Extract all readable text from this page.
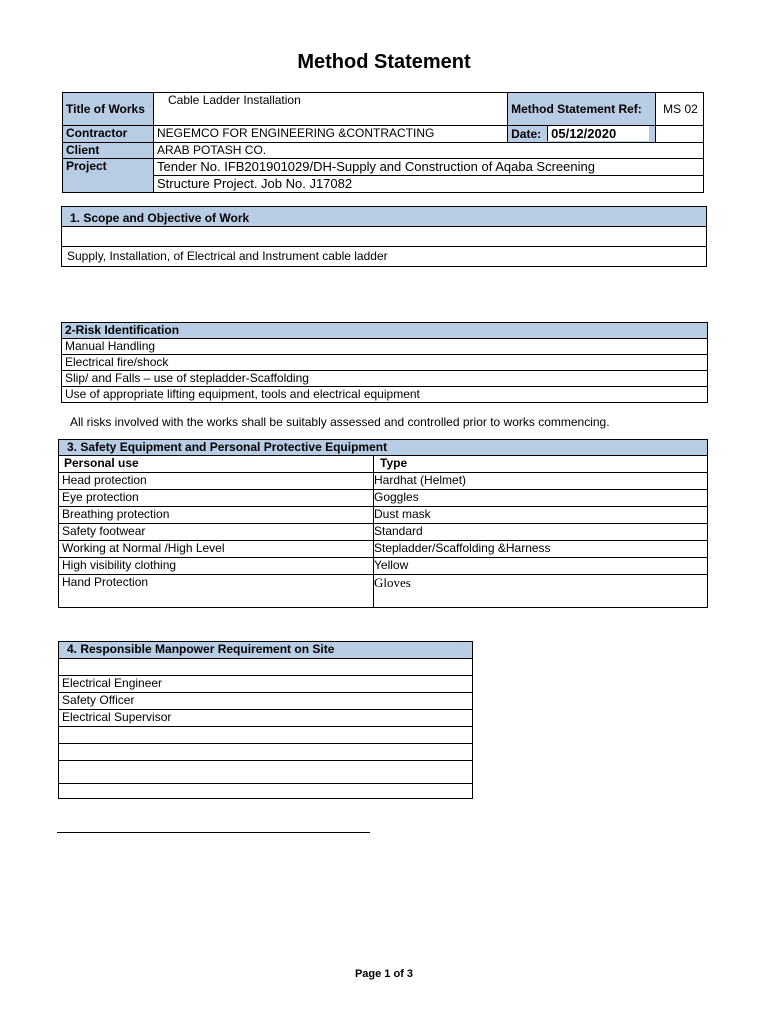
Method Statement
Title of Works	Cable Ladder Installation	Method Statement Ref:	MS 02
Contractor	NEGEMCO FOR ENGINEERING &CONTRACTING	Date: 05/12/2020	
Client	ARAB POTASH CO.		
Project	Tender No. IFB201901029/DH-Supply and Construction of Aqaba Screening		
	Structure Project. Job No. J17082		
1. Scope and Objective of Work

Supply, Installation, of Electrical and Instrument cable ladder
2-Risk Identification
Manual Handling
Electrical fire/shock
Slip/ and Falls – use of stepladder-Scaffolding
Use of appropriate lifting equipment, tools and electrical equipment
All risks involved with the works shall be suitably assessed and controlled prior to works commencing.
3. Safety Equipment and Personal Protective Equipment	
Personal use	Type
Head protection	Hardhat (Helmet)
Eye protection	Goggles
Breathing protection	Dust mask
Safety footwear	Standard
Working at Normal /High Level	Stepladder/Scaffolding &Harness
High visibility clothing	Yellow
Hand Protection	Gloves
4. Responsible Manpower Requirement on Site

Electrical Engineer
Safety Officer
Electrical Supervisor

Page 1 of 3
